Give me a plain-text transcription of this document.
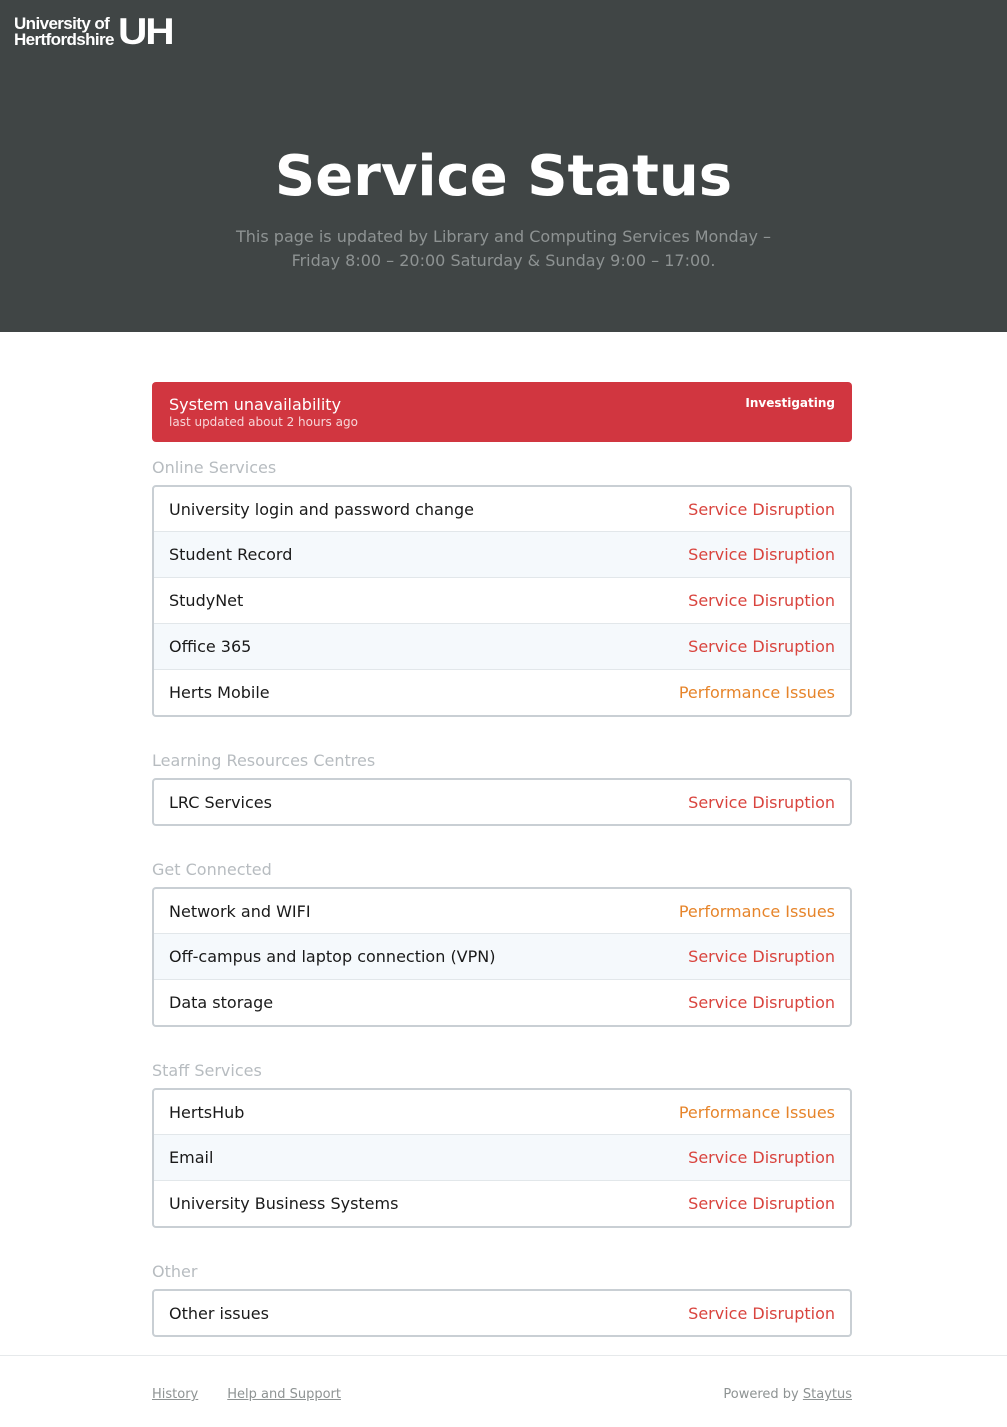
University of
Hertfordshire UH
Service Status

This page is updated by Library and Computing Services Monday – Friday 8:00 – 20:00 Saturday & Sunday 9:00 – 17:00.

System unavailability
last updated about 2 hours ago
Investigating
Online Services
University login and password change	Service Disruption
Student Record	Service Disruption
StudyNet	Service Disruption
Office 365	Service Disruption
Herts Mobile	Performance Issues
Learning Resources Centres
LRC Services	Service Disruption
Get Connected
Network and WIFI	Performance Issues
Off-campus and laptop connection (VPN)	Service Disruption
Data storage	Service Disruption
Staff Services
HertsHub	Performance Issues
Email	Service Disruption
University Business Systems	Service Disruption
Other
Other issues	Service Disruption
History Help and Support	Powered by Staytus
